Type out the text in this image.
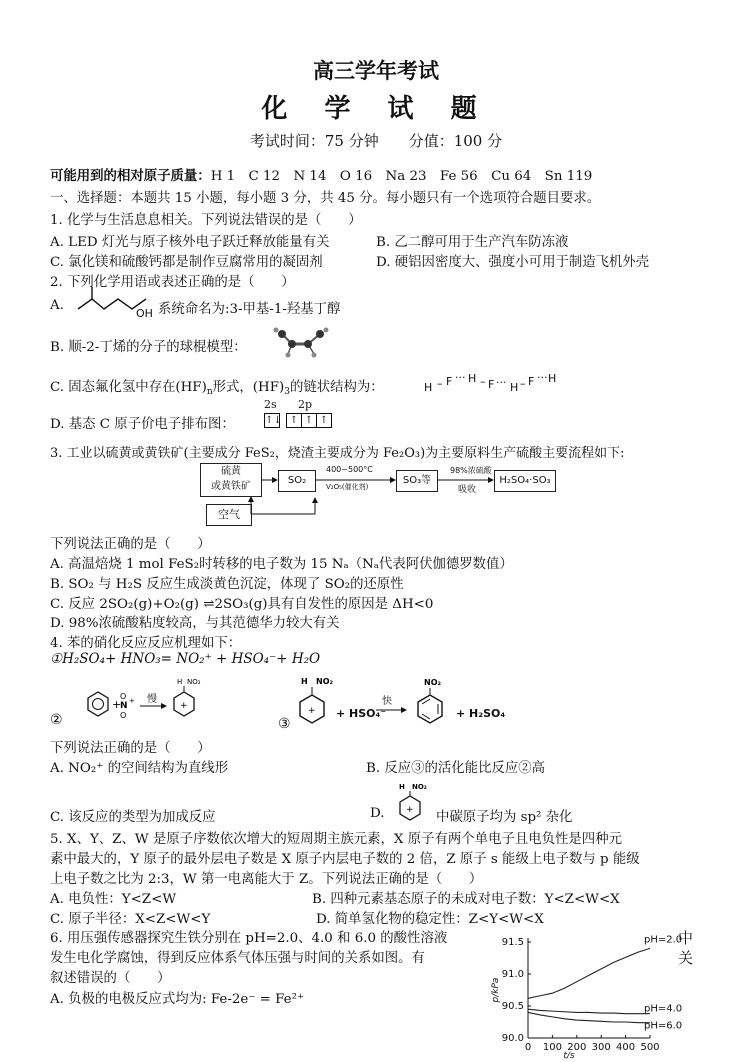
高三学年考试
化 学 试 题
考试时间：75 分钟　　分值：100 分
可能用到的相对原子质量：H 1　C 12　N 14　O 16　Na 23　Fe 56　Cu 64　Sn 119
一、选择题：本题共 15 小题，每小题 3 分，共 45 分。每小题只有一个选项符合题目要求。
1. 化学与生活息息相关。下列说法错误的是（　　）
A. LED 灯光与原子核外电子跃迁释放能量有关	B. 乙二醇可用于生产汽车防冻液
C. 氯化镁和硫酸钙都是制作豆腐常用的凝固剂	D. 硬铝因密度大、强度小可用于制造飞机外壳
2. 下列化学用语或表述正确的是（　　）
A.
OH 系统命名为:3-甲基-1-羟基丁醇
B. 顺-2-丁烯的分子的球棍模型：
C. 固态氟化氢中存在$(HF)_n$形式，$(HF)_3$的链状结构为：	H – F ··· H – F ··· H – F ··· H
D. 基态 C 原子价电子排布图：
2s 2p
↑↓ ↑ ↑ ↑
3. 工业以硫黄或黄铁矿(主要成分 FeS₂，烧渣主要成分为 Fe₂O₃)为主要原料生产硫酸主要流程如下:
硫黄
或黄铁矿
SO₂
400~500°C
V₂O₅(催化剂)
SO₃等
98%浓硫酸
吸收
H₂SO₄·SO₃
空气
下列说法正确的是（　　）
A. 高温焙烧 1 mol FeS₂时转移的电子数为 15 Nₐ（Nₐ代表阿伏伽德罗数值）
B. SO₂ 与 H₂S 反应生成淡黄色沉淀，体现了 SO₂的还原性
C. 反应 2SO₂(g)+O₂(g) ⇌2SO₃(g)具有自发性的原因是 ΔH<0
D. 98%浓硫酸粘度较高，与其范德华力较大有关
4. 苯的硝化反应反应机理如下：
①H₂SO₄+ HNO₃= NO₂⁺ + HSO₄⁻+ H₂O
②
+
O
N
O
+	+
H NO₂
慢
③
+
H NO₂	NO₂
+ HSO₄⁻
快
+ H₂SO₄
下列说法正确的是（　　）
A. NO₂⁺ 的空间结构为直线形	B. 反应③的活化能比反应②高
C. 该反应的类型为加成反应	D. +
H NO₂
中碳原子均为 sp² 杂化
5. X、Y、Z、W 是原子序数依次增大的短周期主族元素，X 原子有两个单电子且电负性是四种元
素中最大的，Y 原子的最外层电子数是 X 原子内层电子数的 2 倍，Z 原子 s 能级上电子数与 p 能级
上电子数之比为 2:3，W 第一电离能大于 Z。下列说法正确的是（　　）
A. 电负性：Y<Z<W	B. 四种元素基态原子的未成对电子数：Y<Z<W<X
C. 原子半径：X<Z<W<Y	D. 简单氢化物的稳定性：Z<Y<W<X
6. 用压强传感器探究生铁分别在 pH=2.0、4.0 和 6.0 的酸性溶液
发生电化学腐蚀，得到反应体系气体压强与时间的关系如图。有
叙述错误的（　　）
A. 负极的电极反应式均为: Fe-2e⁻ = Fe²⁺
中
关
0 100 200 300 400 500
90.0
90.5
91.0
91.5
p/kPa
t/s
pH=2.0
pH=4.0
pH=6.0
